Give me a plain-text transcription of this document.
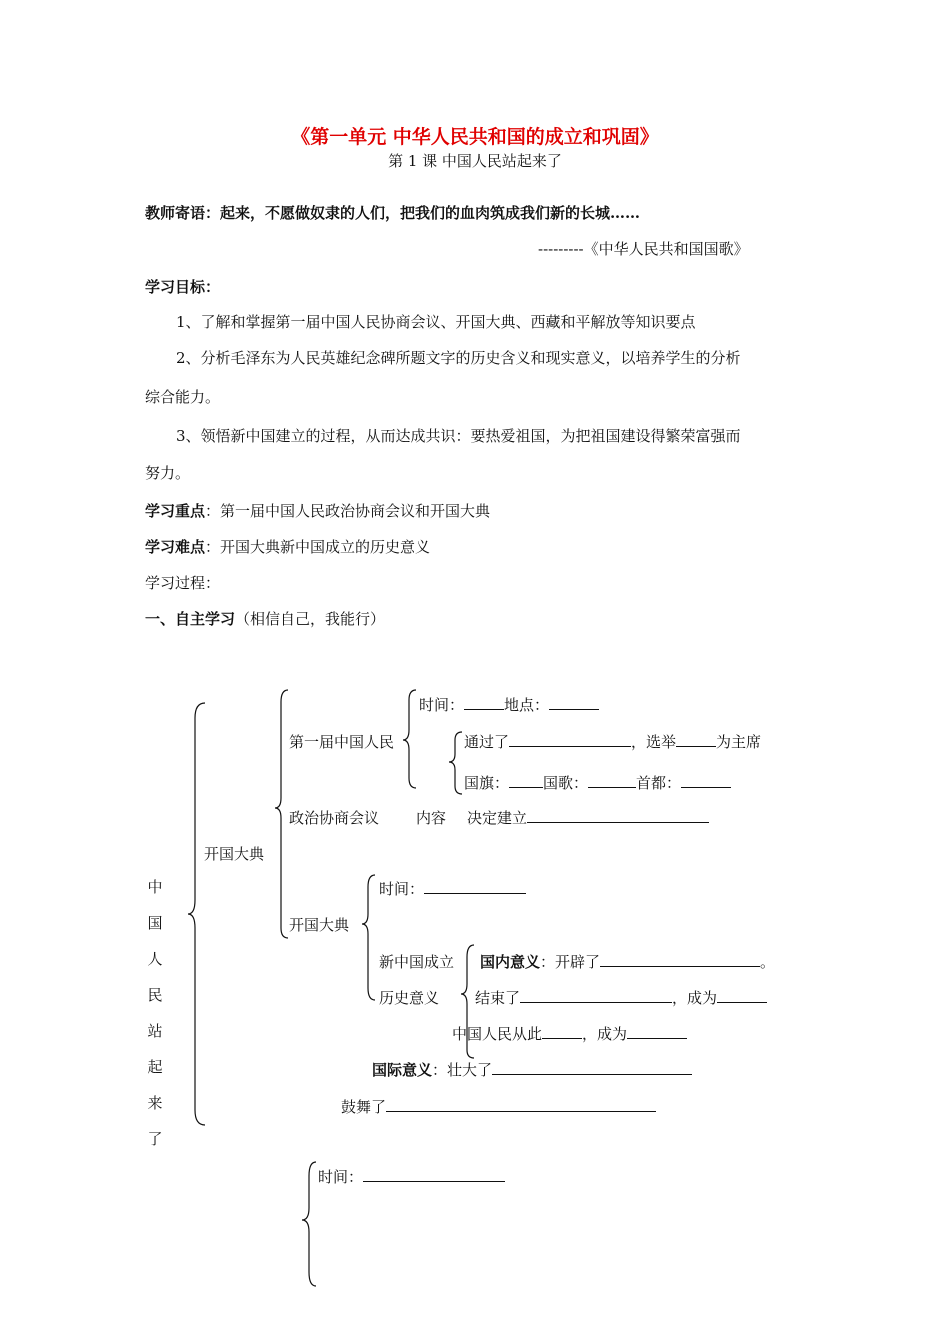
《第一单元 中华人民共和国的成立和巩固》
第 1 课 中国人民站起来了
教师寄语：起来，不愿做奴隶的人们，把我们的血肉筑成我们新的长城……
---------《中华人民共和国国歌》
学习目标：
1、了解和掌握第一届中国人民协商会议、开国大典、西藏和平解放等知识要点
2、分析毛泽东为人民英雄纪念碑所题文字的历史含义和现实意义，以培养学生的分析
综合能力。
3、领悟新中国建立的过程，从而达成共识：要热爱祖国，为把祖国建设得繁荣富强而
努力。
学习重点：第一届中国人民政治协商会议和开国大典
学习难点：开国大典新中国成立的历史意义
学习过程：
一、自主学习（相信自己，我能行）
中
国
人
民
站
起
来
了
开国大典
第一届中国人民
政治协商会议
时间：	地点：
通过了	，选举	为主席
国旗： 国歌：	首都：
内容 决定建立
开国大典
时间：
新中国成立
历史意义
国内意义：开辟了	。
结束了	，成为
中国人民从此	，成为
国际意义：壮大了
鼓舞了
时间：
